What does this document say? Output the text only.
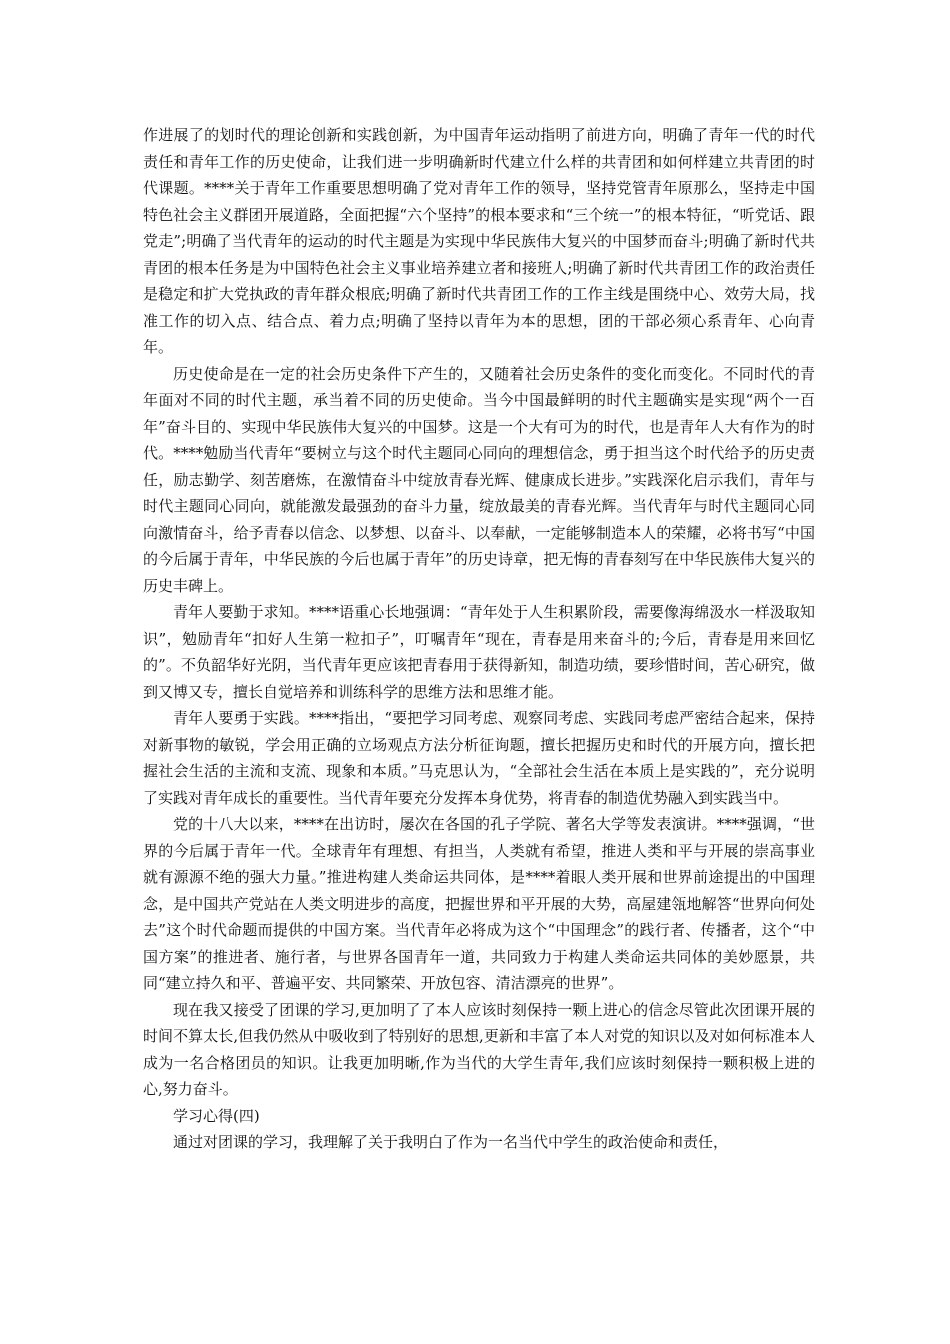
作进展了的划时代的理论创新和实践创新，为中国青年运动指明了前进方向，明确了青年一代的时代责任和青年工作的历史使命，让我们进一步明确新时代建立什么样的共青团和如何样建立共青团的时代课题。****关于青年工作重要思想明确了党对青年工作的领导，坚持党管青年原那么，坚持走中国特色社会主义群团开展道路，全面把握“六个坚持”的根本要求和“三个统一”的根本特征，“听党话、跟党走”;明确了当代青年的运动的时代主题是为实现中华民族伟大复兴的中国梦而奋斗;明确了新时代共青团的根本任务是为中国特色社会主义事业培养建立者和接班人;明确了新时代共青团工作的政治责任是稳定和扩大党执政的青年群众根底;明确了新时代共青团工作的工作主线是围绕中心、效劳大局，找准工作的切入点、结合点、着力点;明确了坚持以青年为本的思想，团的干部必须心系青年、心向青年。

历史使命是在一定的社会历史条件下产生的，又随着社会历史条件的变化而变化。不同时代的青年面对不同的时代主题，承当着不同的历史使命。当今中国最鲜明的时代主题确实是实现“两个一百年”奋斗目的、实现中华民族伟大复兴的中国梦。这是一个大有可为的时代，也是青年人大有作为的时代。****勉励当代青年“要树立与这个时代主题同心同向的理想信念，勇于担当这个时代给予的历史责任，励志勤学、刻苦磨炼，在激情奋斗中绽放青春光辉、健康成长进步。”实践深化启示我们，青年与时代主题同心同向，就能激发最强劲的奋斗力量，绽放最美的青春光辉。当代青年与时代主题同心同向激情奋斗，给予青春以信念、以梦想、以奋斗、以奉献，一定能够制造本人的荣耀，必将书写“中国的今后属于青年，中华民族的今后也属于青年”的历史诗章，把无悔的青春刻写在中华民族伟大复兴的历史丰碑上。

青年人要勤于求知。****语重心长地强调：“青年处于人生积累阶段，需要像海绵汲水一样汲取知识”，勉励青年“扣好人生第一粒扣子”，叮嘱青年“现在，青春是用来奋斗的;今后，青春是用来回忆的”。不负韶华好光阴，当代青年更应该把青春用于获得新知，制造功绩，要珍惜时间，苦心研究，做到又博又专，擅长自觉培养和训练科学的思维方法和思维才能。

青年人要勇于实践。****指出，“要把学习同考虑、观察同考虑、实践同考虑严密结合起来，保持对新事物的敏锐，学会用正确的立场观点方法分析征询题，擅长把握历史和时代的开展方向，擅长把握社会生活的主流和支流、现象和本质。”马克思认为，“全部社会生活在本质上是实践的”，充分说明了实践对青年成长的重要性。当代青年要充分发挥本身优势，将青春的制造优势融入到实践当中。

党的十八大以来，****在出访时，屡次在各国的孔子学院、著名大学等发表演讲。****强调，“世界的今后属于青年一代。全球青年有理想、有担当，人类就有希望，推进人类和平与开展的崇高事业就有源源不绝的强大力量。”推进构建人类命运共同体，是****着眼人类开展和世界前途提出的中国理念，是中国共产党站在人类文明进步的高度，把握世界和平开展的大势，高屋建瓴地解答“世界向何处去”这个时代命题而提供的中国方案。当代青年必将成为这个“中国理念”的践行者、传播者，这个“中国方案”的推进者、施行者，与世界各国青年一道，共同致力于构建人类命运共同体的美妙愿景，共同“建立持久和平、普遍平安、共同繁荣、开放包容、清洁漂亮的世界”。

现在我又接受了团课的学习,更加明了了本人应该时刻保持一颗上进心的信念尽管此次团课开展的时间不算太长,但我仍然从中吸收到了特别好的思想,更新和丰富了本人对党的知识以及对如何标准本人成为一名合格团员的知识。让我更加明晰,作为当代的大学生青年,我们应该时刻保持一颗积极上进的心,努力奋斗。

学习心得(四)

通过对团课的学习，我理解了关于我明白了作为一名当代中学生的政治使命和责任，
